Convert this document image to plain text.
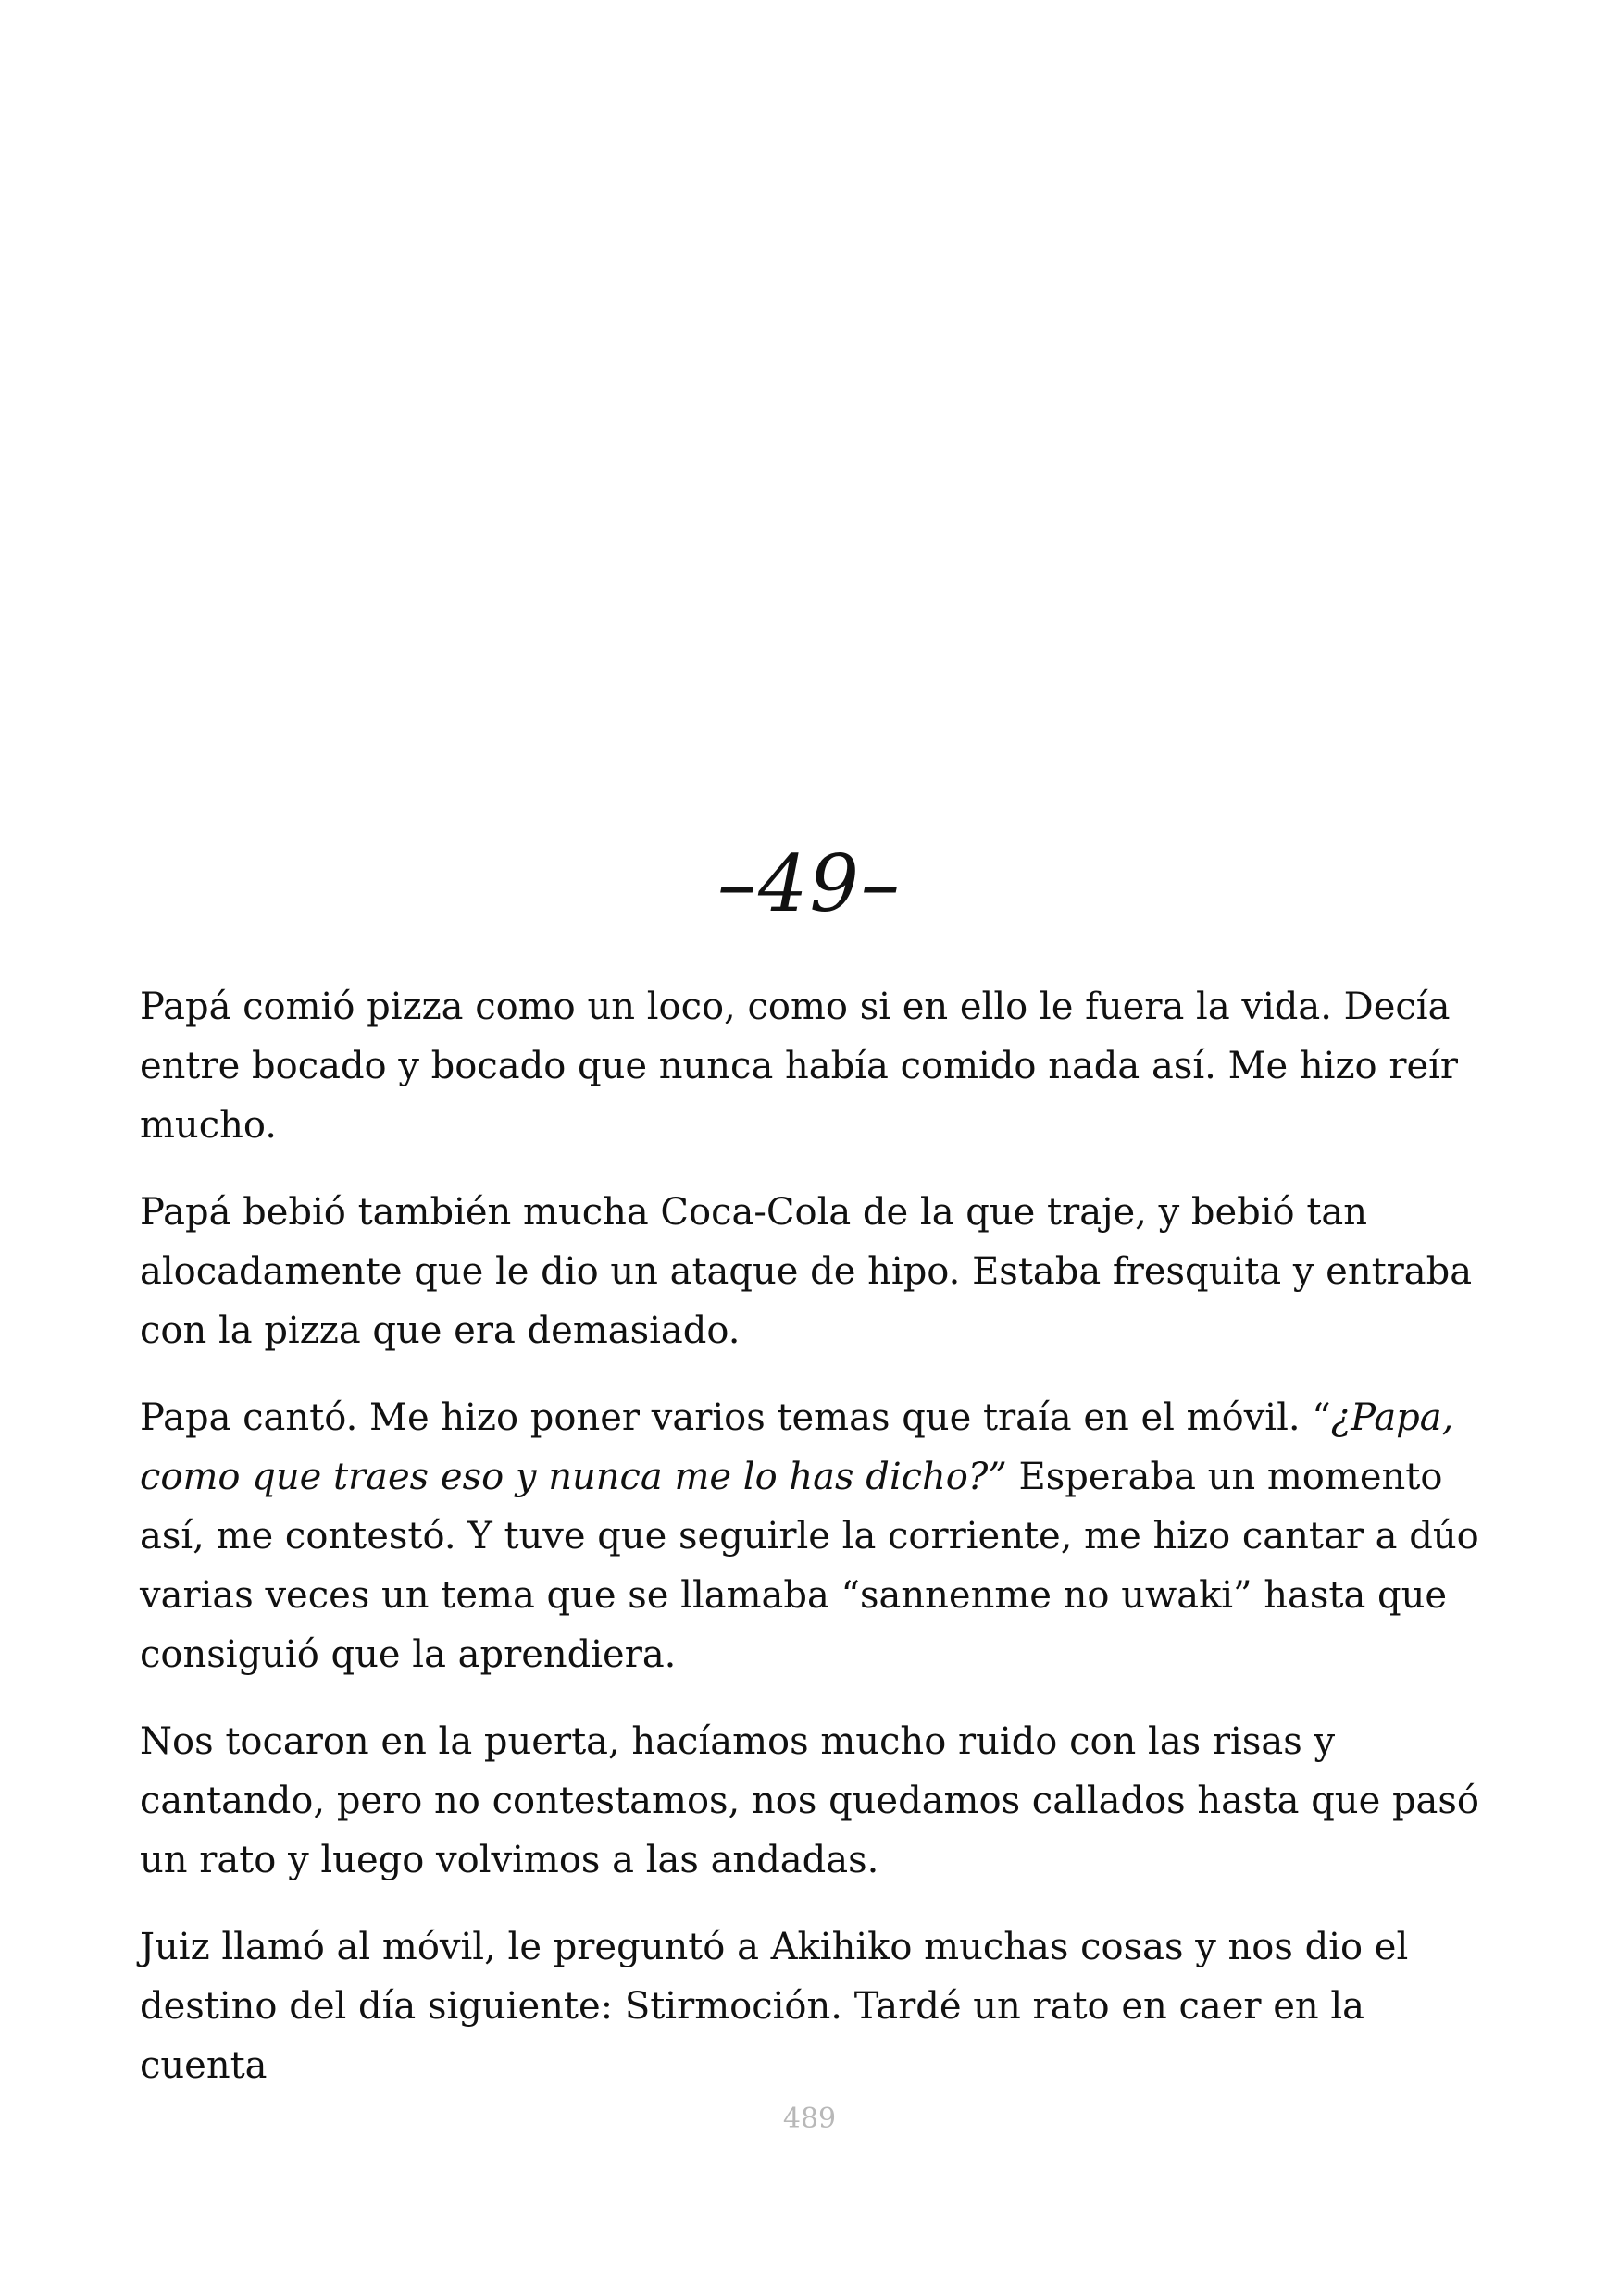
–49–

Papá comió pizza como un loco, como si en ello le fuera la vida. Decía entre bocado y bocado que nunca había comido nada así. Me hizo reír mucho.

Papá bebió también mucha Coca-Cola de la que traje, y bebió tan alocadamente que le dio un ataque de hipo. Estaba fresquita y entraba con la pizza que era demasiado.

Papa cantó. Me hizo poner varios temas que traía en el móvil. “¿Papa, como que traes eso y nunca me lo has dicho?” Esperaba un momento así, me contestó. Y tuve que seguirle la corriente, me hizo cantar a dúo varias veces un tema que se llamaba “sannenme no uwaki” hasta que consiguió que la aprendiera.

Nos tocaron en la puerta, hacíamos mucho ruido con las risas y cantando, pero no contestamos, nos quedamos callados hasta que pasó un rato y luego volvimos a las andadas.

Juiz llamó al móvil, le preguntó a Akihiko muchas cosas y nos dio el destino del día siguiente: Stirmoción. Tardé un rato en caer en la cuenta

489
